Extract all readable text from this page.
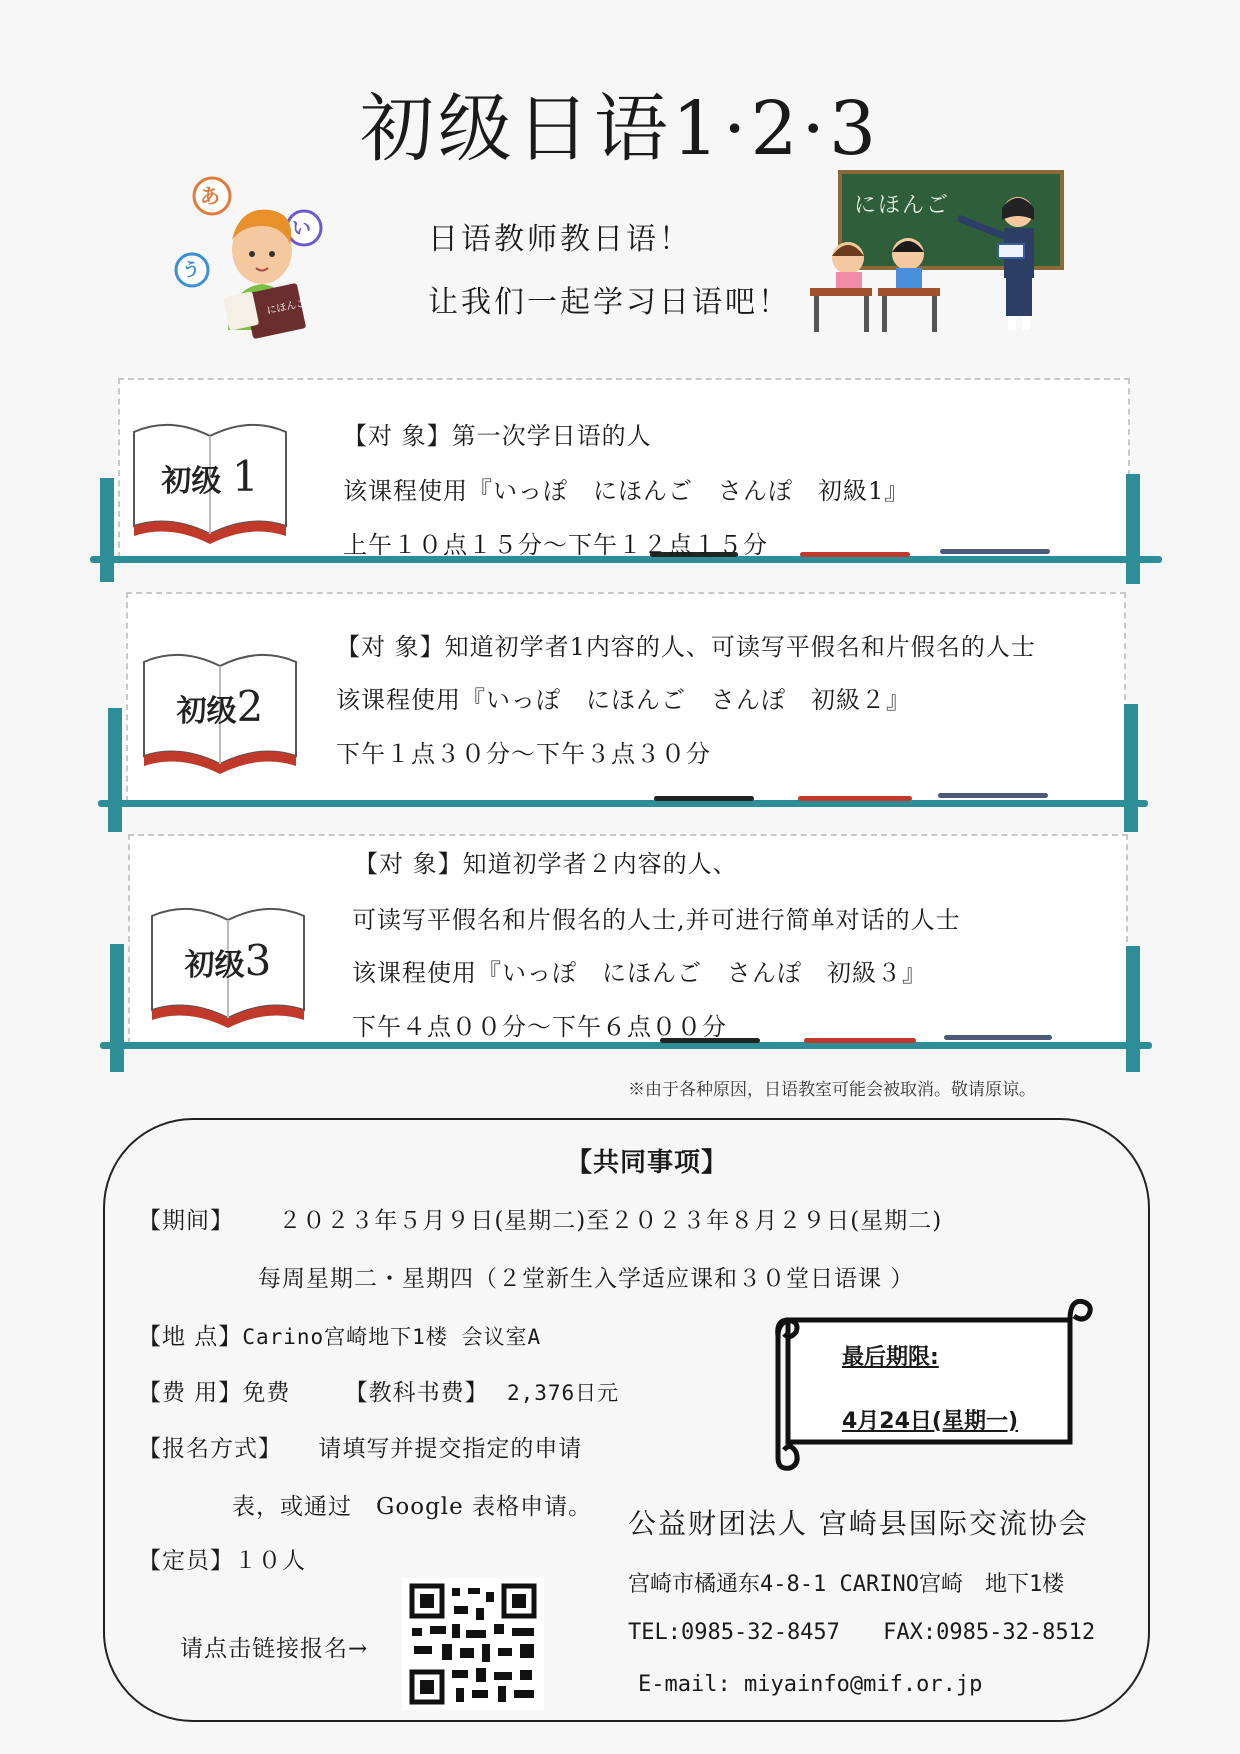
初级日语1·2·3
あ
い
う
にほんご
日语教师教日语！
让我们一起学习日语吧！
にほんご
初级 1
【对 象】第一次学日语的人
该课程使用『いっぽ　にほんご　さんぽ　初級1』
上午１０点１５分～下午１２点１５分
初级2
【对 象】知道初学者1内容的人、可读写平假名和片假名的人士
该课程使用『いっぽ　にほんご　さんぽ　初級２』
下午１点３０分～下午３点３０分
初级3
【对 象】知道初学者２内容的人、
可读写平假名和片假名的人士,并可进行简单对话的人士
该课程使用『いっぽ　にほんご　さんぽ　初級３』
下午４点００分～下午６点００分
※由于各种原因，日语教室可能会被取消。敬请原谅。
【共同事项】
【期间】 ２０２３年５月９日(星期二)至２０２３年８月２９日(星期二)
每周星期二・星期四（２堂新生入学适应课和３０堂日语课 ）
【地 点】Carino宫崎地下1楼 会议室A
【费 用】免费 【教科书费】 2,376日元
【报名方式】 请填写并提交指定的申请
表，或通过　Google 表格申请。
【定员】１０人
请点击链接报名→
最后期限:
4月24日(星期一)
公益财团法人 宫崎县国际交流协会
宫崎市橘通东4-8-1 CARINO宫崎　地下1楼
TEL:0985-32-8457 FAX:0985-32-8512
E-mail: miyainfo@mif.or.jp
